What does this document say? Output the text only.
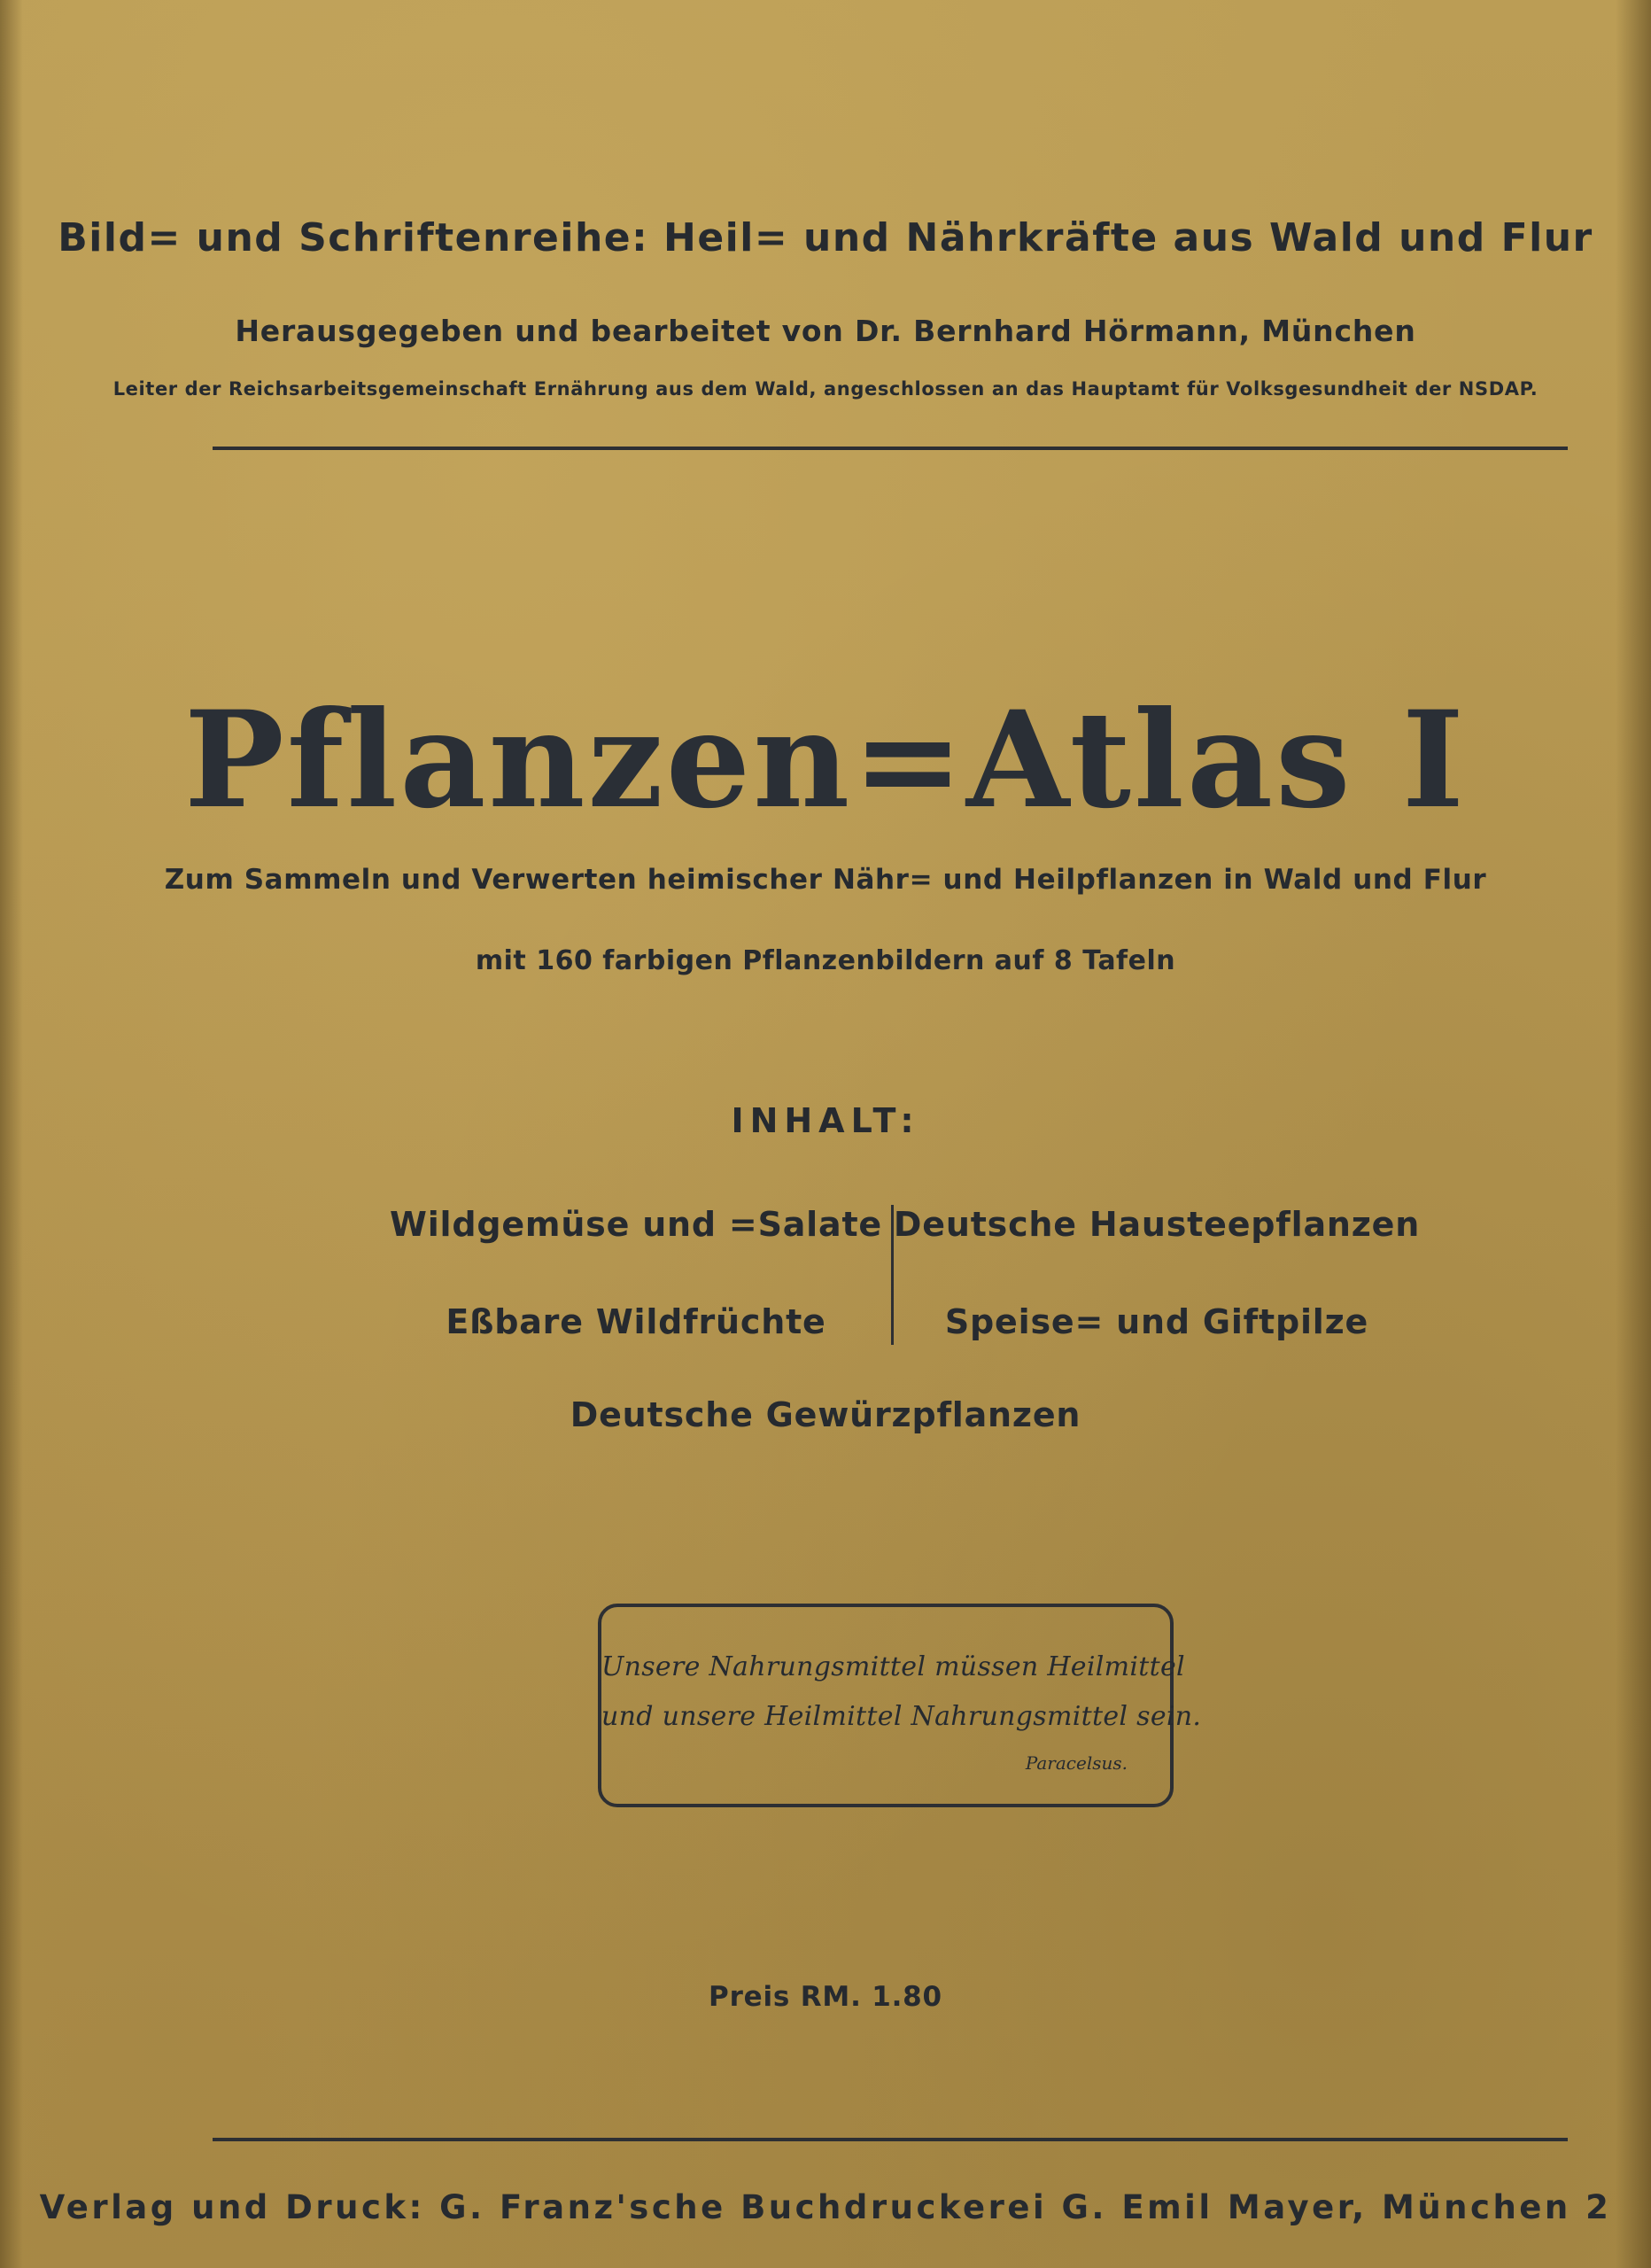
Bild= und Schriftenreihe: Heil= und Nährkräfte aus Wald und Flur
Herausgegeben und bearbeitet von Dr. Bernhard Hörmann, München
Leiter der Reichsarbeitsgemeinschaft Ernährung aus dem Wald, angeschlossen an das Hauptamt für Volksgesundheit der NSDAP.
Pflanzen=Atlas I
Zum Sammeln und Verwerten heimischer Nähr= und Heilpflanzen in Wald und Flur
mit 160 farbigen Pflanzenbildern auf 8 Tafeln
INHALT:
Wildgemüse und =Salate Deutsche Hausteepflanzen
Eßbare Wildfrüchte	Speise= und Giftpilze
Deutsche Gewürzpflanzen
Unsere Nahrungsmittel müssen Heilmittel
und unsere Heilmittel Nahrungsmittel sein.
Paracelsus.
Preis RM. 1.80
Verlag und Druck: G. Franz'sche Buchdruckerei G. Emil Mayer, München 2
